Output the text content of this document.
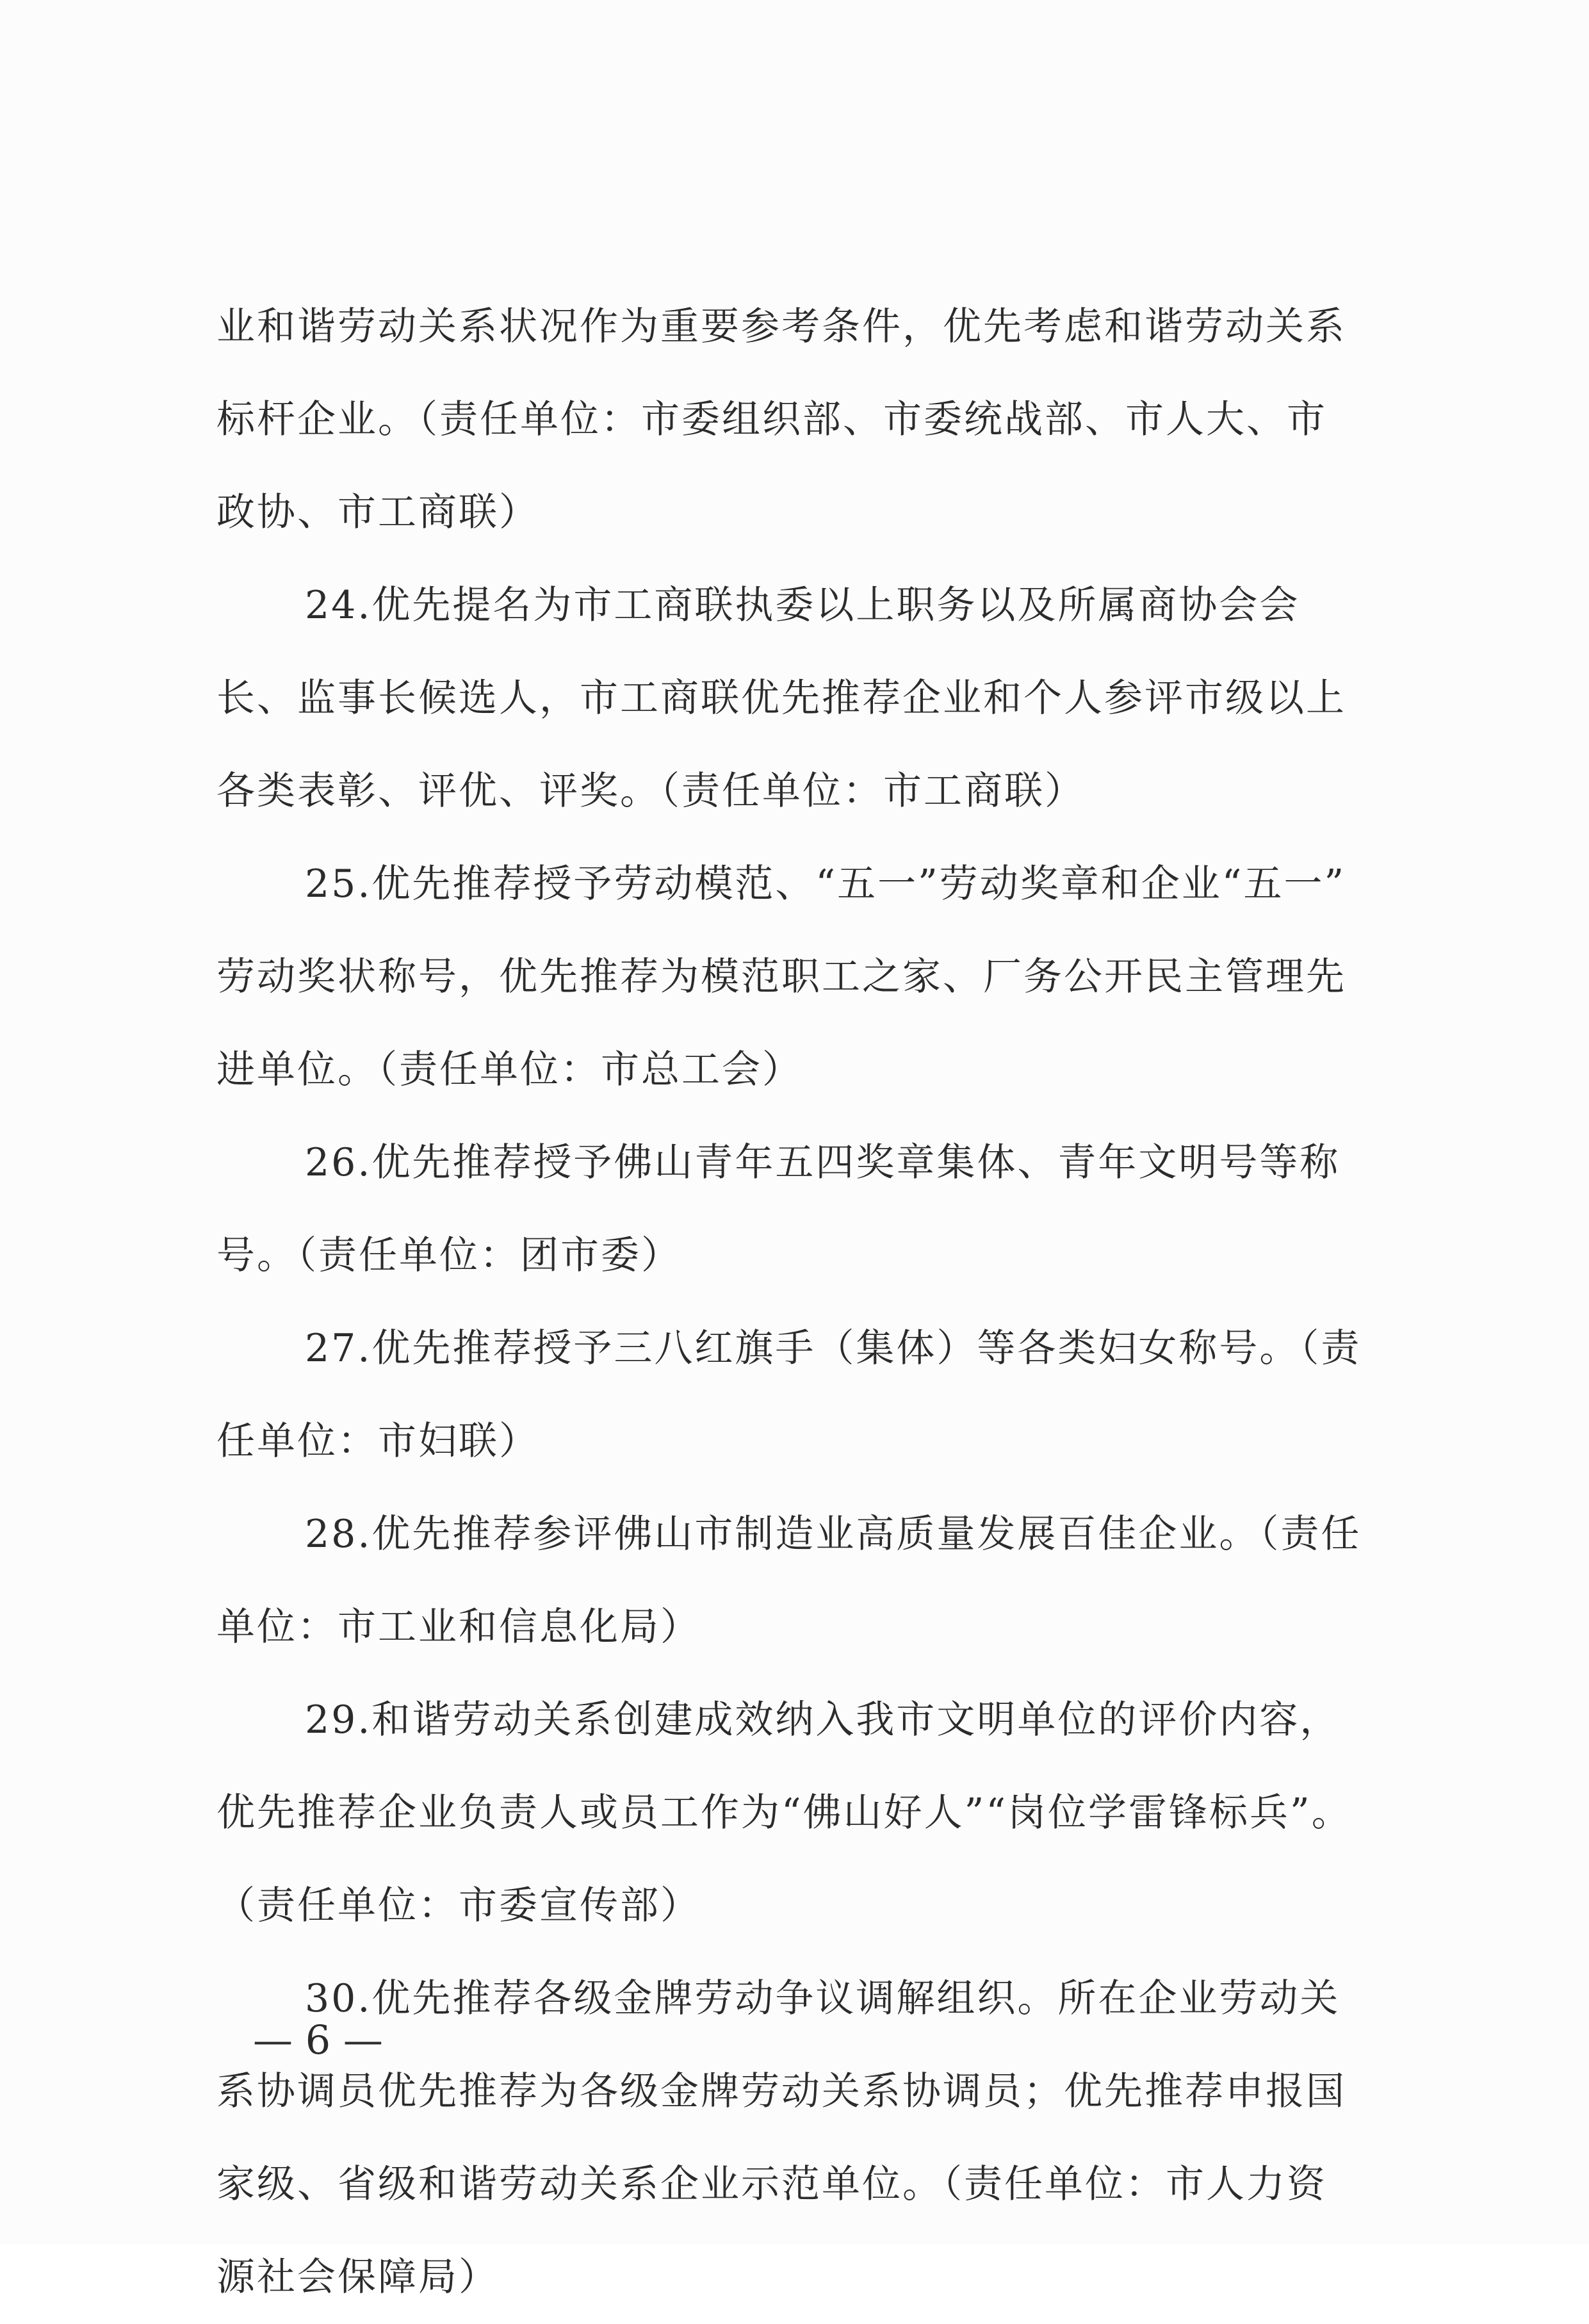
业和谐劳动关系状况作为重要参考条件，优先考虑和谐劳动关系
标杆企业。（责任单位：市委组织部、市委统战部、市人大、市
政协、市工商联）
24.优先提名为市工商联执委以上职务以及所属商协会会
长、监事长候选人，市工商联优先推荐企业和个人参评市级以上
各类表彰、评优、评奖。（责任单位：市工商联）
25.优先推荐授予劳动模范、“五一”劳动奖章和企业“五一”
劳动奖状称号，优先推荐为模范职工之家、厂务公开民主管理先
进单位。（责任单位：市总工会）
26.优先推荐授予佛山青年五四奖章集体、青年文明号等称
号。（责任单位：团市委）
27.优先推荐授予三八红旗手（集体）等各类妇女称号。（责
任单位：市妇联）
28.优先推荐参评佛山市制造业高质量发展百佳企业。（责任
单位：市工业和信息化局）
29.和谐劳动关系创建成效纳入我市文明单位的评价内容，
优先推荐企业负责人或员工作为“佛山好人”“岗位学雷锋标兵”。
（责任单位：市委宣传部）
30.优先推荐各级金牌劳动争议调解组织。所在企业劳动关
系协调员优先推荐为各级金牌劳动关系协调员；优先推荐申报国
家级、省级和谐劳动关系企业示范单位。（责任单位：市人力资
源社会保障局）
— 6 —
